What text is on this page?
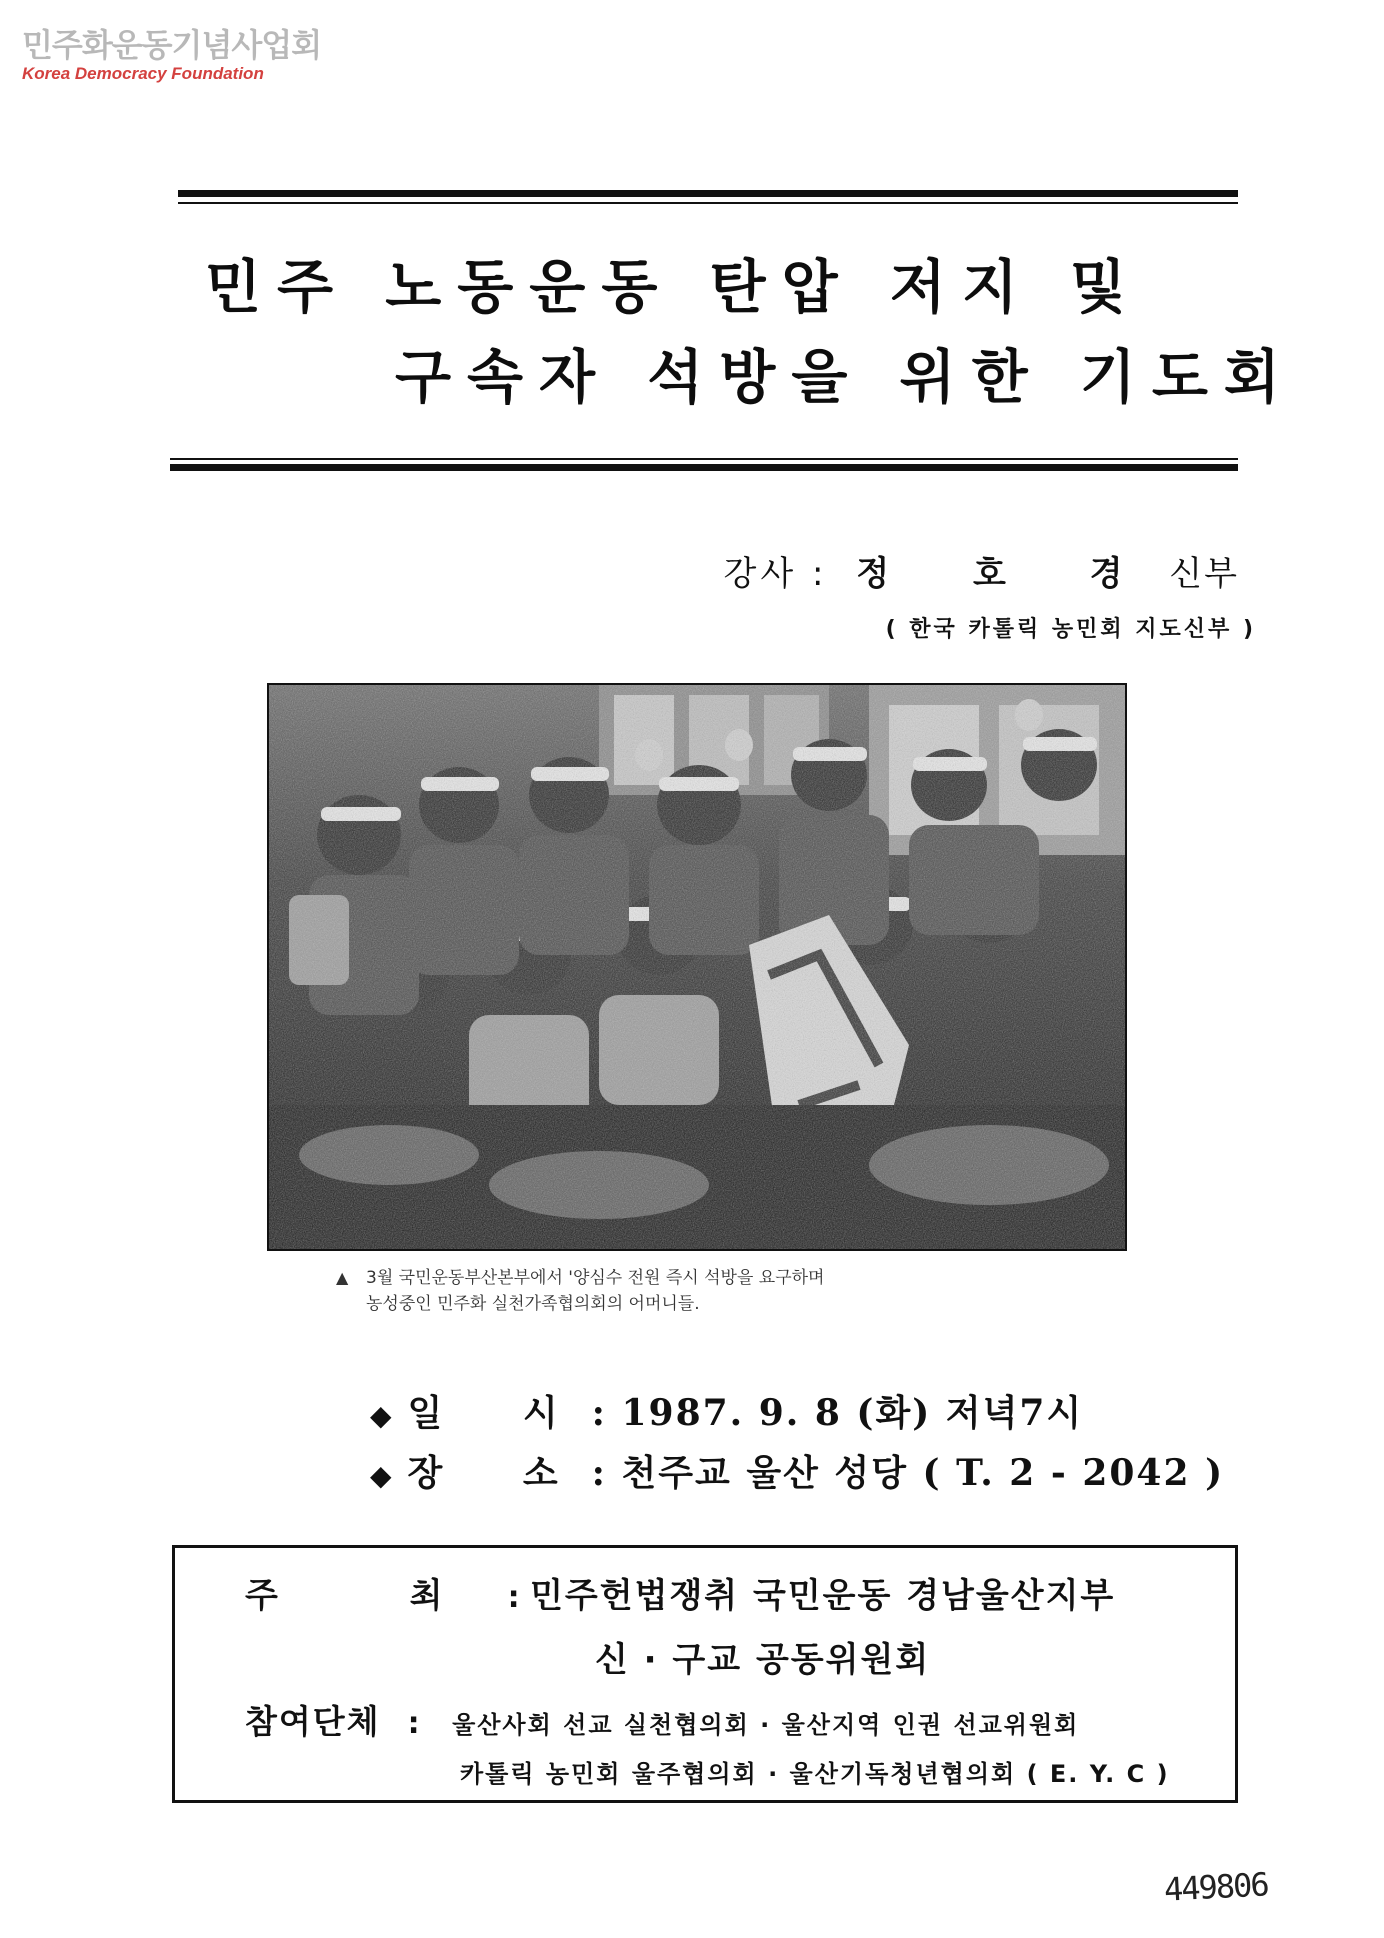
민주화운동기념사업회
Korea Democracy Foundation
민주 노동운동 탄압 저지 및
구속자 석방을 위한 기도회
강사 : 정 호 경 신부
( 한국 카톨릭 농민회 지도신부 )
▲ 3월 국민운동부산본부에서 '양심수 전원 즉시 석방을 요구하며
농성중인 민주화 실천가족협의회의 어머니들.
◆ 일 시: 1987. 9. 8 (화) 저녁7시
◆ 장 소: 천주교 울산 성당 ( T. 2 - 2042 )
주 최 : 민주헌법쟁취 국민운동 경남울산지부
신 · 구교 공동위원회
참여단체 : 울산사회 선교 실천협의회 · 울산지역 인권 선교위원회
카톨릭 농민회 울주협의회 · 울산기독청년협의회 ( E. Y. C )
449806
